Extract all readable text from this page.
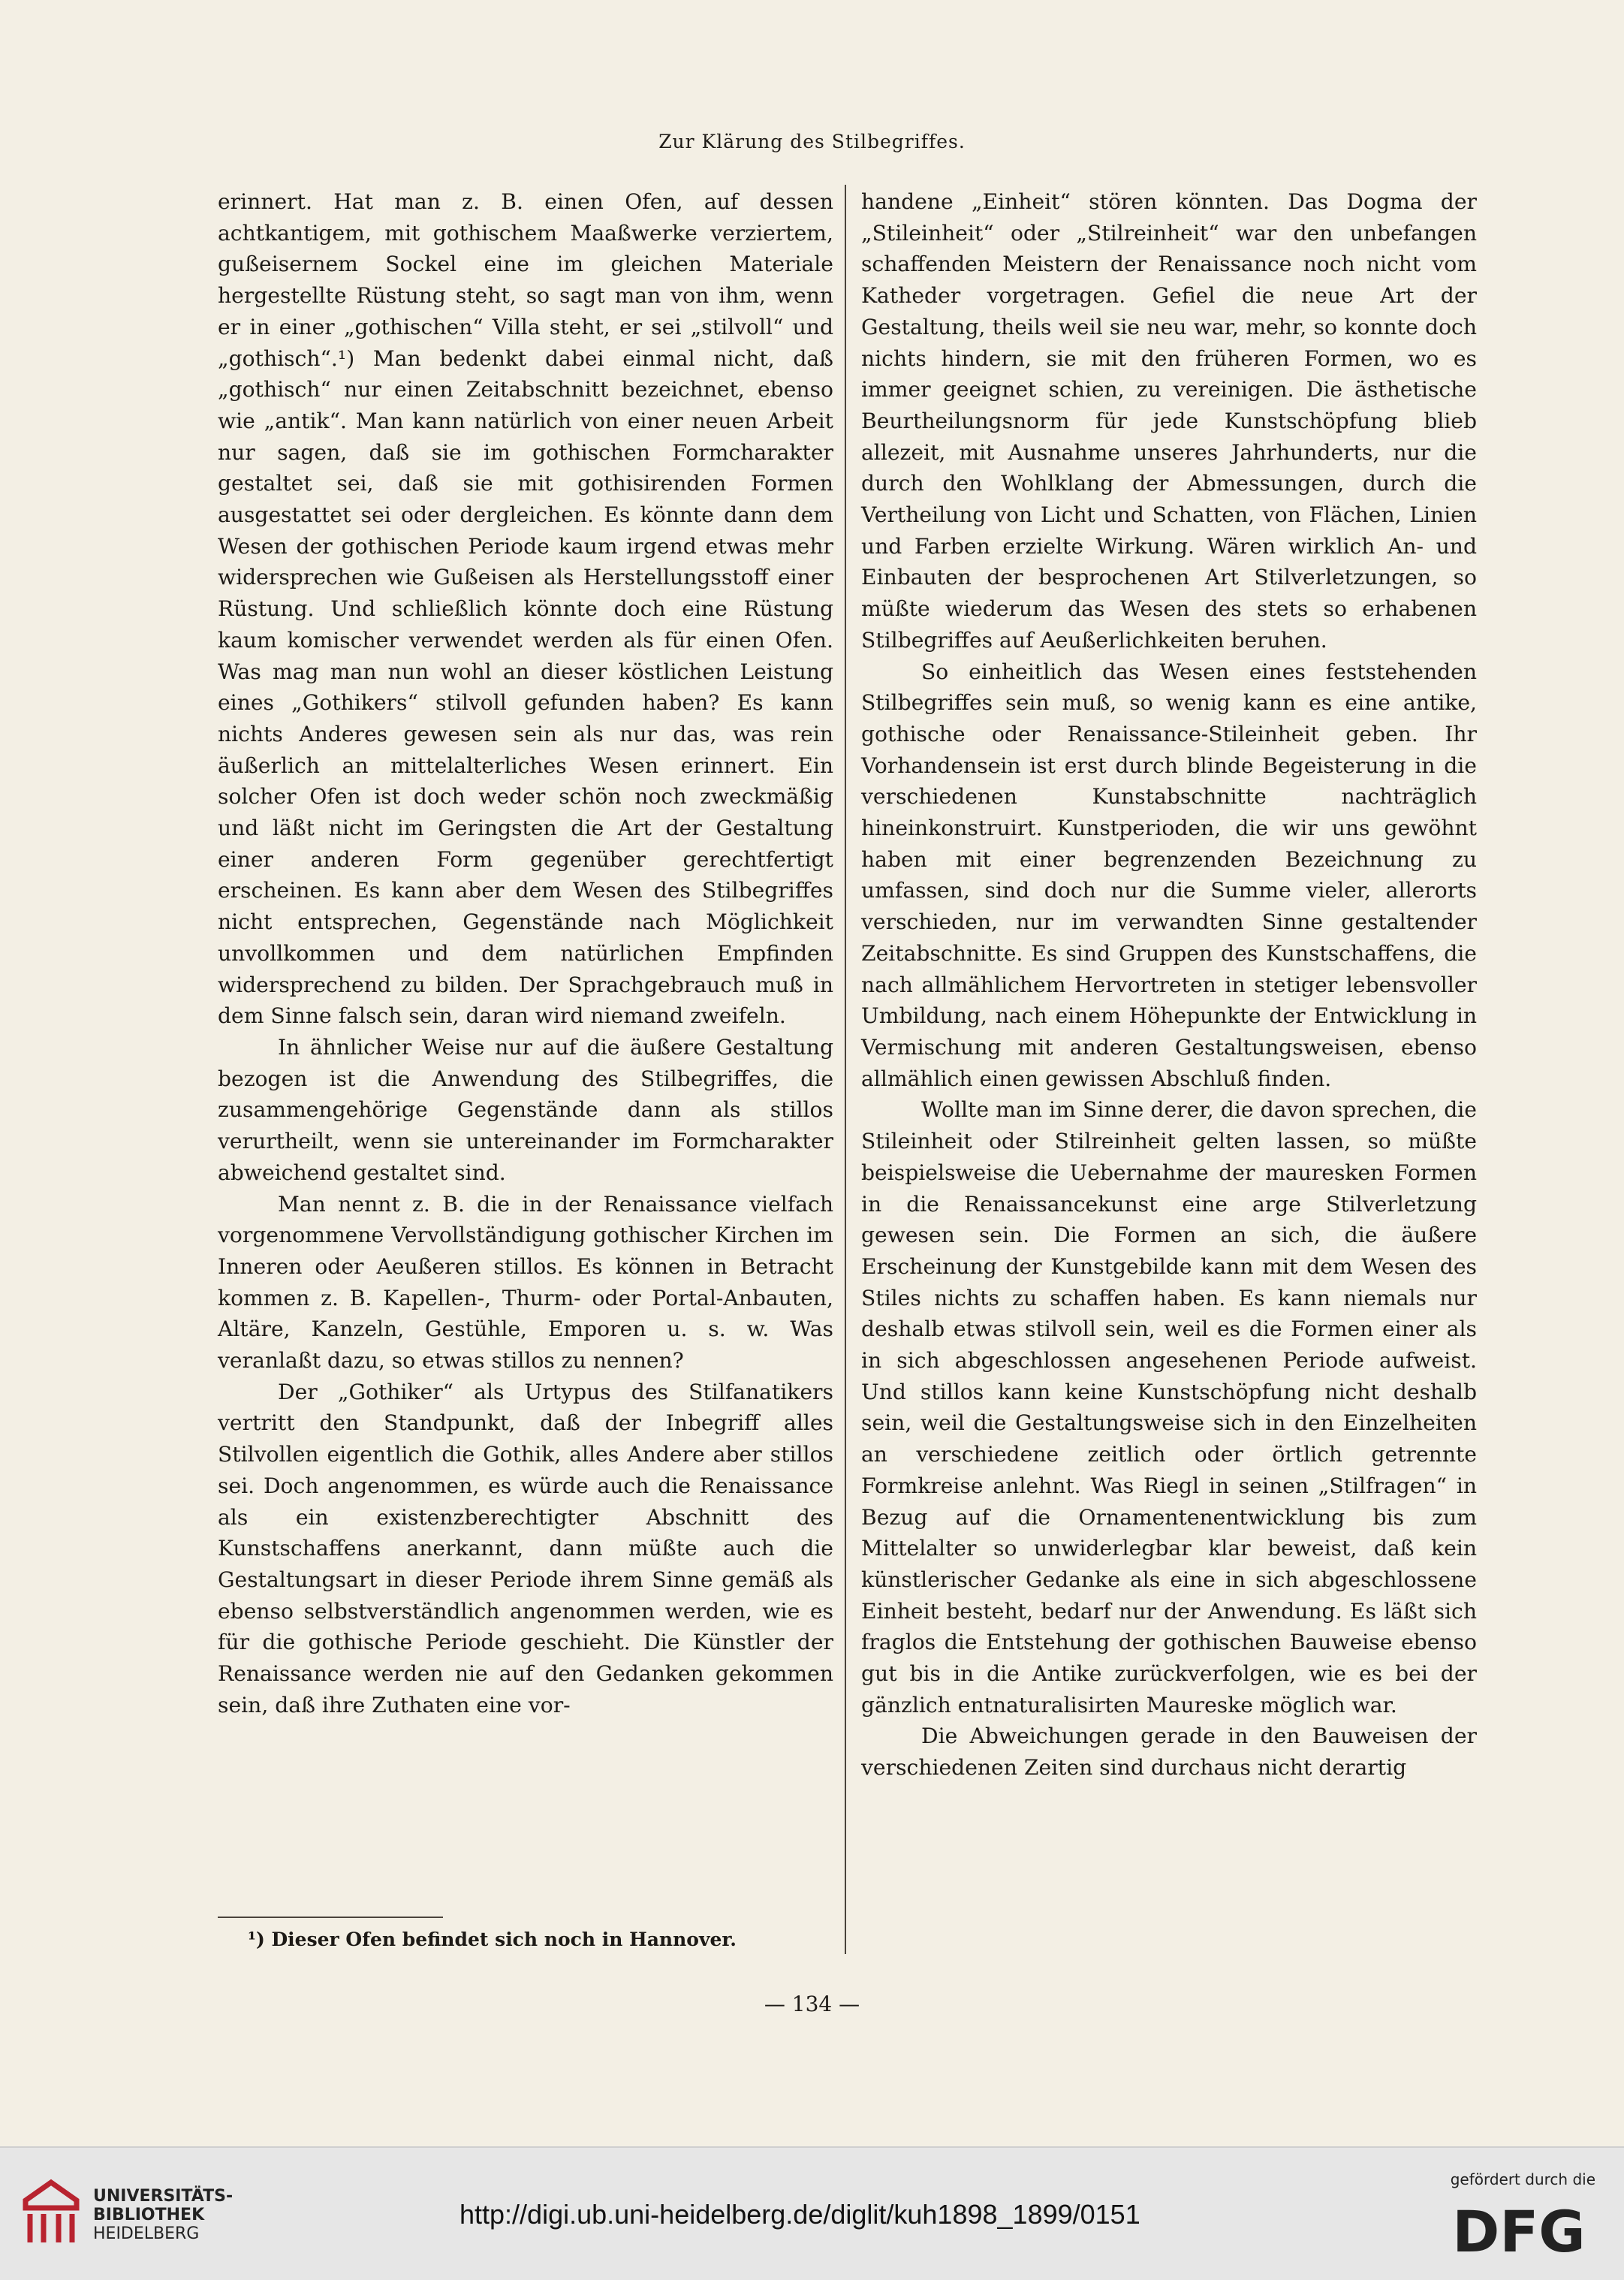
Zur Klärung des Stilbegriffes.

erinnert. Hat man z. B. einen Ofen, auf dessen achtkantigem, mit gothischem Maaßwerke verziertem, gußeisernem Sockel eine im gleichen Materiale hergestellte Rüstung steht, so sagt man von ihm, wenn er in einer „gothischen“ Villa steht, er sei „stilvoll“ und „gothisch“.¹) Man bedenkt dabei einmal nicht, daß „gothisch“ nur einen Zeitabschnitt bezeichnet, ebenso wie „antik“. Man kann natürlich von einer neuen Arbeit nur sagen, daß sie im gothischen Formcharakter gestaltet sei, daß sie mit gothisirenden Formen ausgestattet sei oder dergleichen. Es könnte dann dem Wesen der gothischen Periode kaum irgend etwas mehr widersprechen wie Gußeisen als Herstellungsstoff einer Rüstung. Und schließlich könnte doch eine Rüstung kaum komischer verwendet werden als für einen Ofen. Was mag man nun wohl an dieser köstlichen Leistung eines „Gothikers“ stilvoll gefunden haben? Es kann nichts Anderes gewesen sein als nur das, was rein äußerlich an mittelalterliches Wesen erinnert. Ein solcher Ofen ist doch weder schön noch zweckmäßig und läßt nicht im Geringsten die Art der Gestaltung einer anderen Form gegenüber gerechtfertigt erscheinen. Es kann aber dem Wesen des Stilbegriffes nicht entsprechen, Gegenstände nach Möglichkeit unvollkommen und dem natürlichen Empfinden widersprechend zu bilden. Der Sprachgebrauch muß in dem Sinne falsch sein, daran wird niemand zweifeln.

In ähnlicher Weise nur auf die äußere Gestaltung bezogen ist die Anwendung des Stilbegriffes, die zusammengehörige Gegenstände dann als stillos verurtheilt, wenn sie untereinander im Formcharakter abweichend gestaltet sind.

Man nennt z. B. die in der Renaissance vielfach vorgenommene Vervollständigung gothischer Kirchen im Inneren oder Aeußeren stillos. Es können in Betracht kommen z. B. Kapellen-, Thurm- oder Portal-Anbauten, Altäre, Kanzeln, Gestühle, Emporen u. s. w. Was veranlaßt dazu, so etwas stillos zu nennen?

Der „Gothiker“ als Urtypus des Stilfanatikers vertritt den Standpunkt, daß der Inbegriff alles Stilvollen eigentlich die Gothik, alles Andere aber stillos sei. Doch angenommen, es würde auch die Renaissance als ein existenzberechtigter Abschnitt des Kunstschaffens anerkannt, dann müßte auch die Gestaltungsart in dieser Periode ihrem Sinne gemäß als ebenso selbstverständlich angenommen werden, wie es für die gothische Periode geschieht. Die Künstler der Renaissance werden nie auf den Gedanken gekommen sein, daß ihre Zuthaten eine vor-

handene „Einheit“ stören könnten. Das Dogma der „Stileinheit“ oder „Stilreinheit“ war den unbefangen schaffenden Meistern der Renaissance noch nicht vom Katheder vorgetragen. Gefiel die neue Art der Gestaltung, theils weil sie neu war, mehr, so konnte doch nichts hindern, sie mit den früheren Formen, wo es immer geeignet schien, zu vereinigen. Die ästhetische Beurtheilungsnorm für jede Kunstschöpfung blieb allezeit, mit Ausnahme unseres Jahrhunderts, nur die durch den Wohlklang der Abmessungen, durch die Vertheilung von Licht und Schatten, von Flächen, Linien und Farben erzielte Wirkung. Wären wirklich An- und Einbauten der besprochenen Art Stilverletzungen, so müßte wiederum das Wesen des stets so erhabenen Stilbegriffes auf Aeußerlichkeiten beruhen.

So einheitlich das Wesen eines feststehenden Stilbegriffes sein muß, so wenig kann es eine antike, gothische oder Renaissance-Stileinheit geben. Ihr Vorhandensein ist erst durch blinde Begeisterung in die verschiedenen Kunstabschnitte nachträglich hineinkonstruirt. Kunstperioden, die wir uns gewöhnt haben mit einer begrenzenden Bezeichnung zu umfassen, sind doch nur die Summe vieler, allerorts verschieden, nur im verwandten Sinne gestaltender Zeitabschnitte. Es sind Gruppen des Kunstschaffens, die nach allmählichem Hervortreten in stetiger lebensvoller Umbildung, nach einem Höhepunkte der Entwicklung in Vermischung mit anderen Gestaltungsweisen, ebenso allmählich einen gewissen Abschluß finden.

Wollte man im Sinne derer, die davon sprechen, die Stileinheit oder Stilreinheit gelten lassen, so müßte beispielsweise die Uebernahme der mauresken Formen in die Renaissancekunst eine arge Stilverletzung gewesen sein. Die Formen an sich, die äußere Erscheinung der Kunstgebilde kann mit dem Wesen des Stiles nichts zu schaffen haben. Es kann niemals nur deshalb etwas stilvoll sein, weil es die Formen einer als in sich abgeschlossen angesehenen Periode aufweist. Und stillos kann keine Kunstschöpfung nicht deshalb sein, weil die Gestaltungsweise sich in den Einzelheiten an verschiedene zeitlich oder örtlich getrennte Formkreise anlehnt. Was Riegl in seinen „Stilfragen“ in Bezug auf die Ornamentenentwicklung bis zum Mittelalter so unwiderlegbar klar beweist, daß kein künstlerischer Gedanke als eine in sich abgeschlossene Einheit besteht, bedarf nur der Anwendung. Es läßt sich fraglos die Entstehung der gothischen Bauweise ebenso gut bis in die Antike zurückverfolgen, wie es bei der gänzlich entnaturalisirten Maureske möglich war.

Die Abweichungen gerade in den Bauweisen der verschiedenen Zeiten sind durchaus nicht derartig

¹) Dieser Ofen befindet sich noch in Hannover.
— 134 —
UNIVERSITÄTS-
BIBLIOTHEK
HEIDELBERG
http://digi.ub.uni-heidelberg.de/diglit/kuh1898_1899/0151
gefördert durch die
DFG
